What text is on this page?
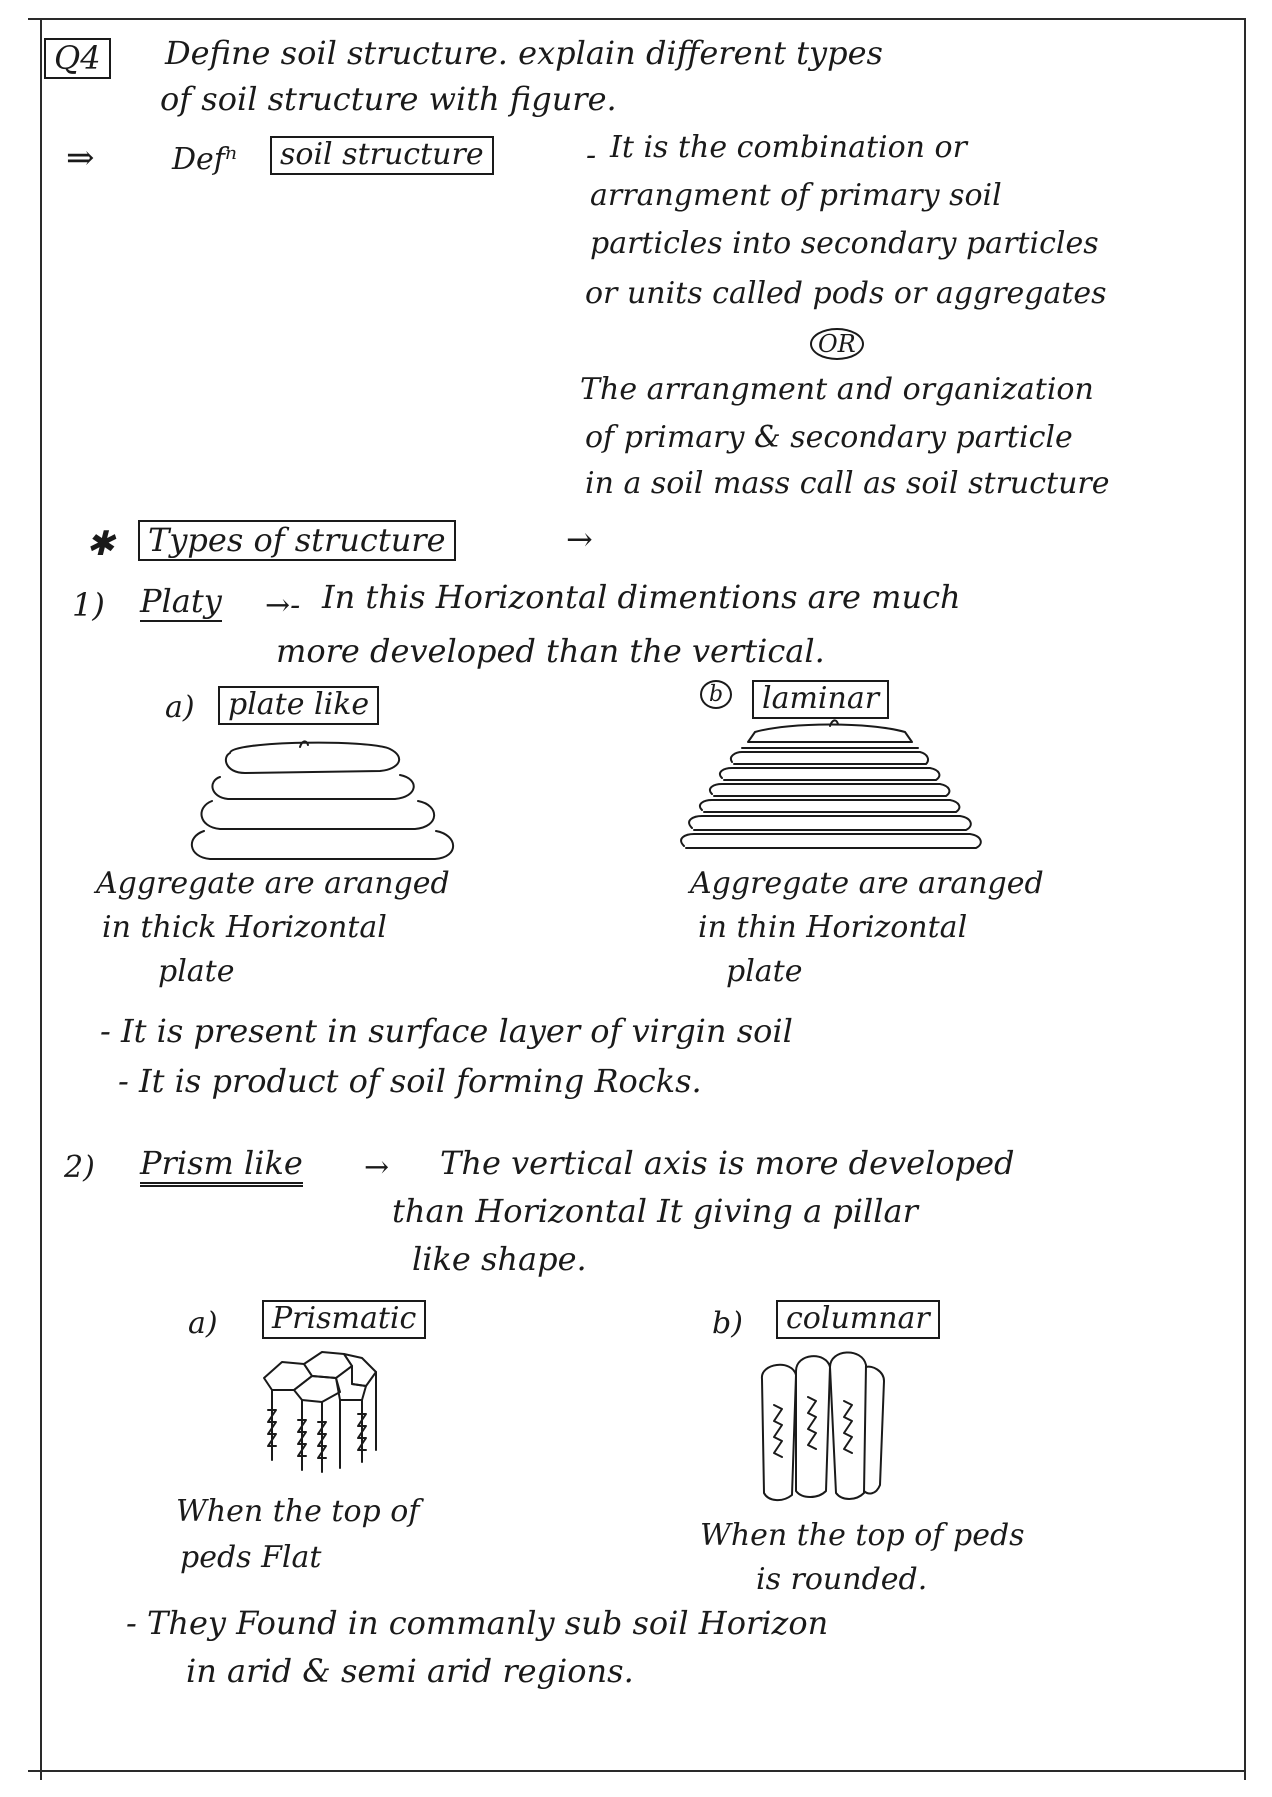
Q4	Define soil structure. explain different types
of soil structure with figure.
⇒	Defⁿ	soil structure	- It is the combination or
arrangment of primary soil
particles into secondary particles
or units called pods or aggregates
OR
The arrangment and organization
of primary & secondary particle
in a soil mass call as soil structure
✱	Types of structure	→
1) Platy →- In this Horizontal dimentions are much
more developed than the vertical.
a)	plate like	b	laminar
Aggregate are aranged
in thick Horizontal
plate
Aggregate are aranged
in thin Horizontal
plate
- It is present in surface layer of virgin soil
- It is product of soil forming Rocks.
2) Prism like → The vertical axis is more developed
than Horizontal It giving a pillar
like shape.
a)	Prismatic	b)	columnar
When the top of
peds Flat
When the top of peds
is rounded.
- They Found in commanly sub soil Horizon
in arid & semi arid regions.
